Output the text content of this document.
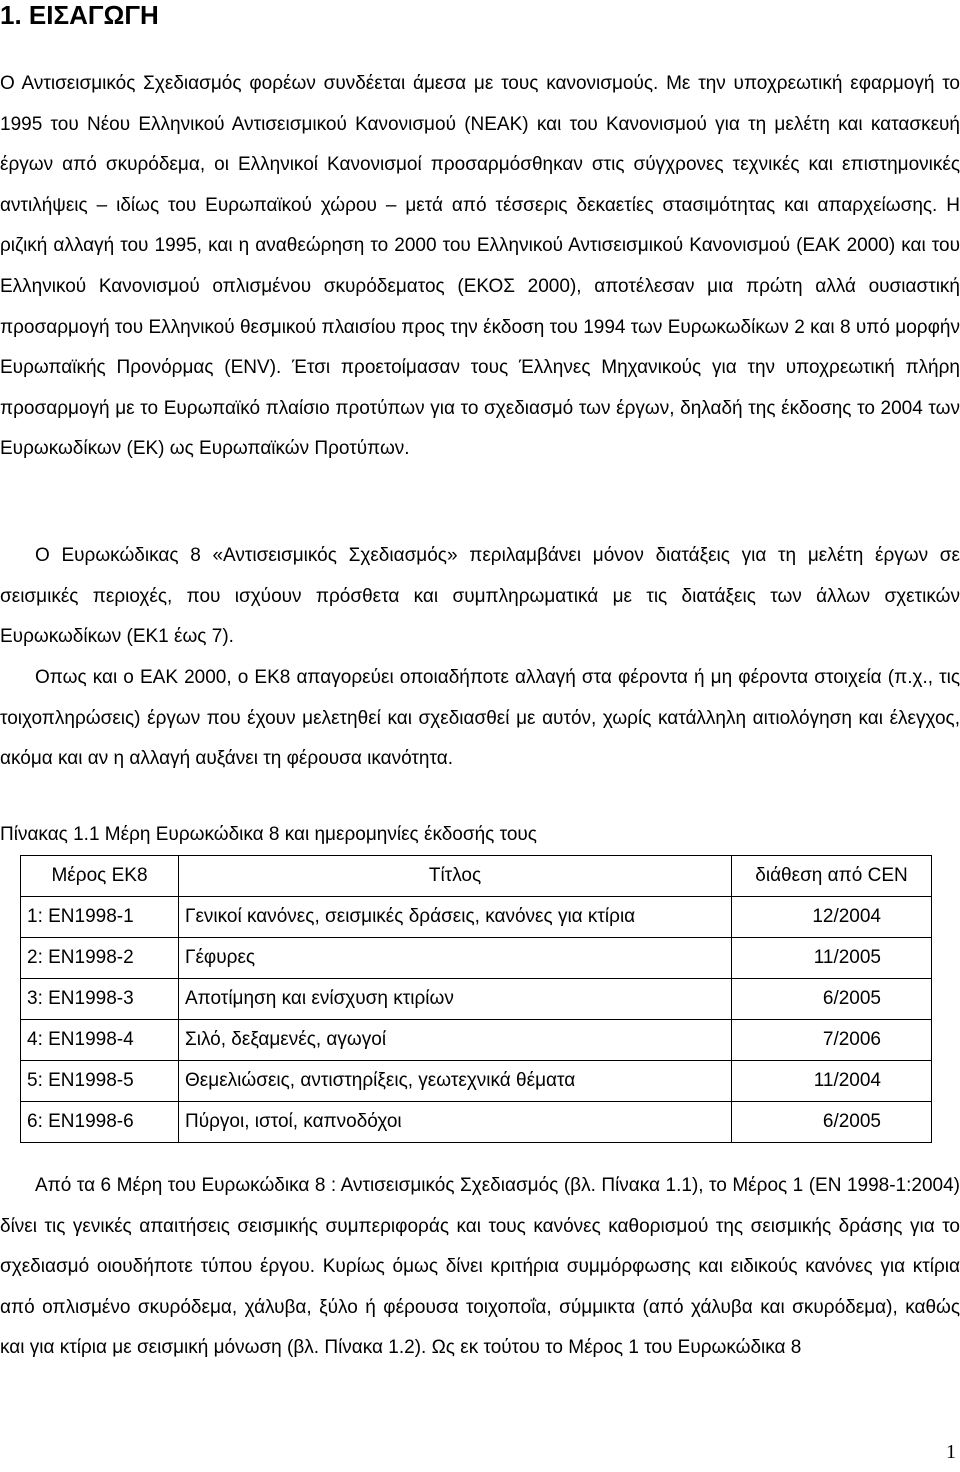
1. ΕΙΣΑΓΩΓΗ

Ο Αντισεισμικός Σχεδιασμός φορέων συνδέεται άμεσα με τους κανονισμούς. Με την υποχρεωτική εφαρμογή το 1995 του Νέου Ελληνικού Αντισεισμικού Κανονισμού (ΝΕΑΚ) και του Κανονισμού για τη μελέτη και κατασκευή έργων από σκυρόδεμα, οι Ελληνικοί Κανονισμοί προσαρμόσθηκαν στις σύγχρονες τεχνικές και επιστημονικές αντιλήψεις – ιδίως του Ευρωπαϊκού χώρου – μετά από τέσσερις δεκαετίες στασιμότητας και απαρχείωσης. Η ριζική αλλαγή του 1995, και η αναθεώρηση το 2000 του Ελληνικού Αντισεισμικού Κανονισμού (ΕΑΚ 2000) και του Ελληνικού Κανονισμού οπλισμένου σκυρόδεματος (ΕΚΟΣ 2000), αποτέλεσαν μια πρώτη αλλά ουσιαστική προσαρμογή του Ελληνικού θεσμικού πλαισίου προς την έκδοση του 1994 των Ευρωκωδίκων 2 και 8 υπό μορφήν Ευρωπαϊκής Προνόρμας (ENV). Έτσι προετοίμασαν τους Έλληνες Μηχανικούς για την υποχρεωτική πλήρη προσαρμογή με το Ευρωπαϊκό πλαίσιο προτύπων για το σχεδιασμό των έργων, δηλαδή της έκδοσης το 2004 των Ευρωκωδίκων (ΕΚ) ως Ευρωπαϊκών Προτύπων.

Ο Ευρωκώδικας 8 «Αντισεισμικός Σχεδιασμός» περιλαμβάνει μόνον διατάξεις για τη μελέτη έργων σε σεισμικές περιοχές, που ισχύουν πρόσθετα και συμπληρωματικά με τις διατάξεις των άλλων σχετικών Ευρωκωδίκων (ΕΚ1 έως 7).

Οπως και ο ΕΑΚ 2000, ο ΕΚ8 απαγορεύει οποιαδήποτε αλλαγή στα φέροντα ή μη φέροντα στοιχεία (π.χ., τις τοιχοπληρώσεις) έργων που έχουν μελετηθεί και σχεδιασθεί με αυτόν, χωρίς κατάλληλη αιτιολόγηση και έλεγχος, ακόμα και αν η αλλαγή αυξάνει τη φέρουσα ικανότητα.

Πίνακας 1.1 Μέρη Ευρωκώδικα 8 και ημερομηνίες έκδοσής τους

Μέρος ΕΚ8	Τίτλος	διάθεση από CEN
1: EN1998-1	Γενικοί κανόνες, σεισμικές δράσεις, κανόνες για κτίρια	12/2004
2: EN1998-2	Γέφυρες	11/2005
3: EN1998-3	Αποτίμηση και ενίσχυση κτιρίων	6/2005
4: EN1998-4	Σιλό, δεξαμενές, αγωγοί	7/2006
5: EN1998-5	Θεμελιώσεις, αντιστηρίξεις, γεωτεχνικά θέματα	11/2004
6: EN1998-6	Πύργοι, ιστοί, καπνοδόχοι	6/2005

Από τα 6 Μέρη του Ευρωκώδικα 8 : Αντισεισμικός Σχεδιασμός (βλ. Πίνακα 1.1), το Μέρος 1 (EN 1998-1:2004) δίνει τις γενικές απαιτήσεις σεισμικής συμπεριφοράς και τους κανόνες καθορισμού της σεισμικής δράσης για το σχεδιασμό οιουδήποτε τύπου έργου. Κυρίως όμως δίνει κριτήρια συμμόρφωσης και ειδικούς κανόνες για κτίρια από οπλισμένο σκυρόδεμα, χάλυβα, ξύλο ή φέρουσα τοιχοποΐα, σύμμικτα (από χάλυβα και σκυρόδεμα), καθώς και για κτίρια με σεισμική μόνωση (βλ. Πίνακα 1.2). Ως εκ τούτου το Μέρος 1 του Ευρωκώδικα 8

1
